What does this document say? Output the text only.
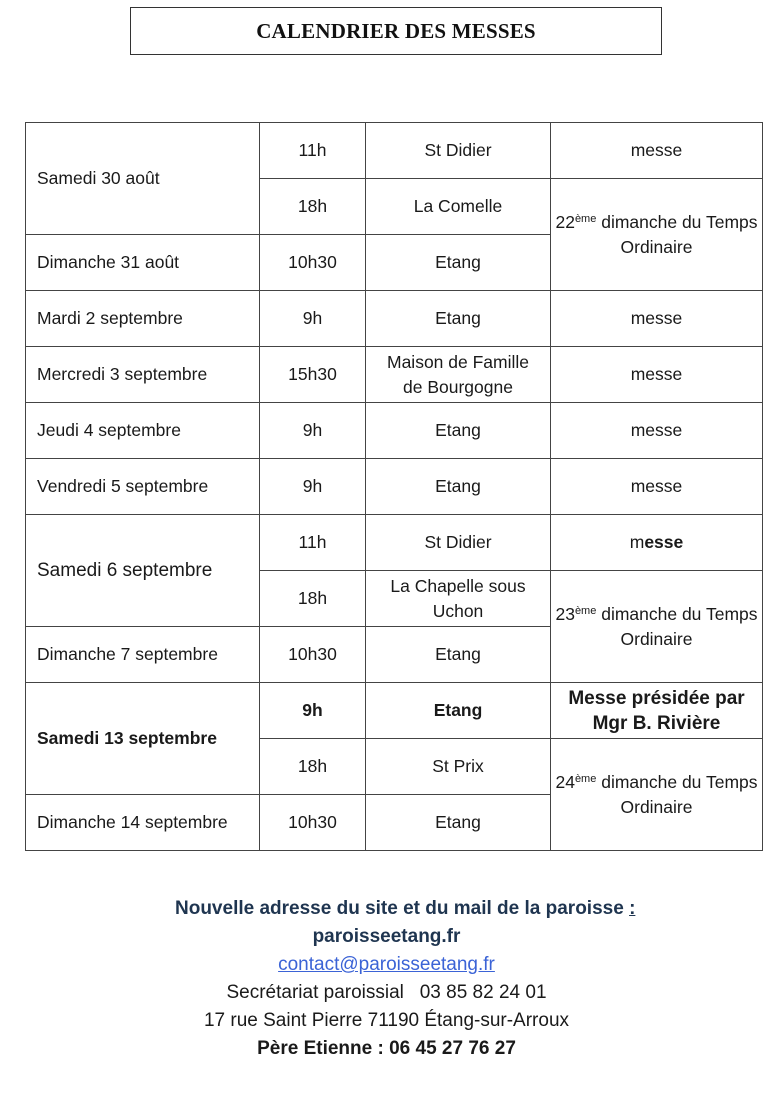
CALENDRIER DES MESSES
Samedi 30 août	11h	St Didier	messe
	18h	La Comelle	22ème dimanche du Temps Ordinaire
Dimanche 31 août	10h30	Etang	
Mardi 2 septembre	9h	Etang	messe
Mercredi 3 septembre	15h30	Maison de Famille de Bourgogne	messe
Jeudi 4 septembre	9h	Etang	messe
Vendredi 5 septembre	9h	Etang	messe
Samedi 6 septembre	11h	St Didier	messe
	18h	La Chapelle sous Uchon	23ème dimanche du Temps Ordinaire
Dimanche 7 septembre	10h30	Etang	
Samedi 13 septembre	9h	Etang	Messe présidée par Mgr B. Rivière
	18h	St Prix	24ème dimanche du Temps Ordinaire
Dimanche 14 septembre	10h30	Etang	
Nouvelle adresse du site et du mail de la paroisse :
paroisseetang.fr
contact@paroisseetang.fr
Secrétariat paroissial   03 85 82 24 01
17 rue Saint Pierre 71190 Étang-sur-Arroux
Père Etienne : 06 45 27 76 27
